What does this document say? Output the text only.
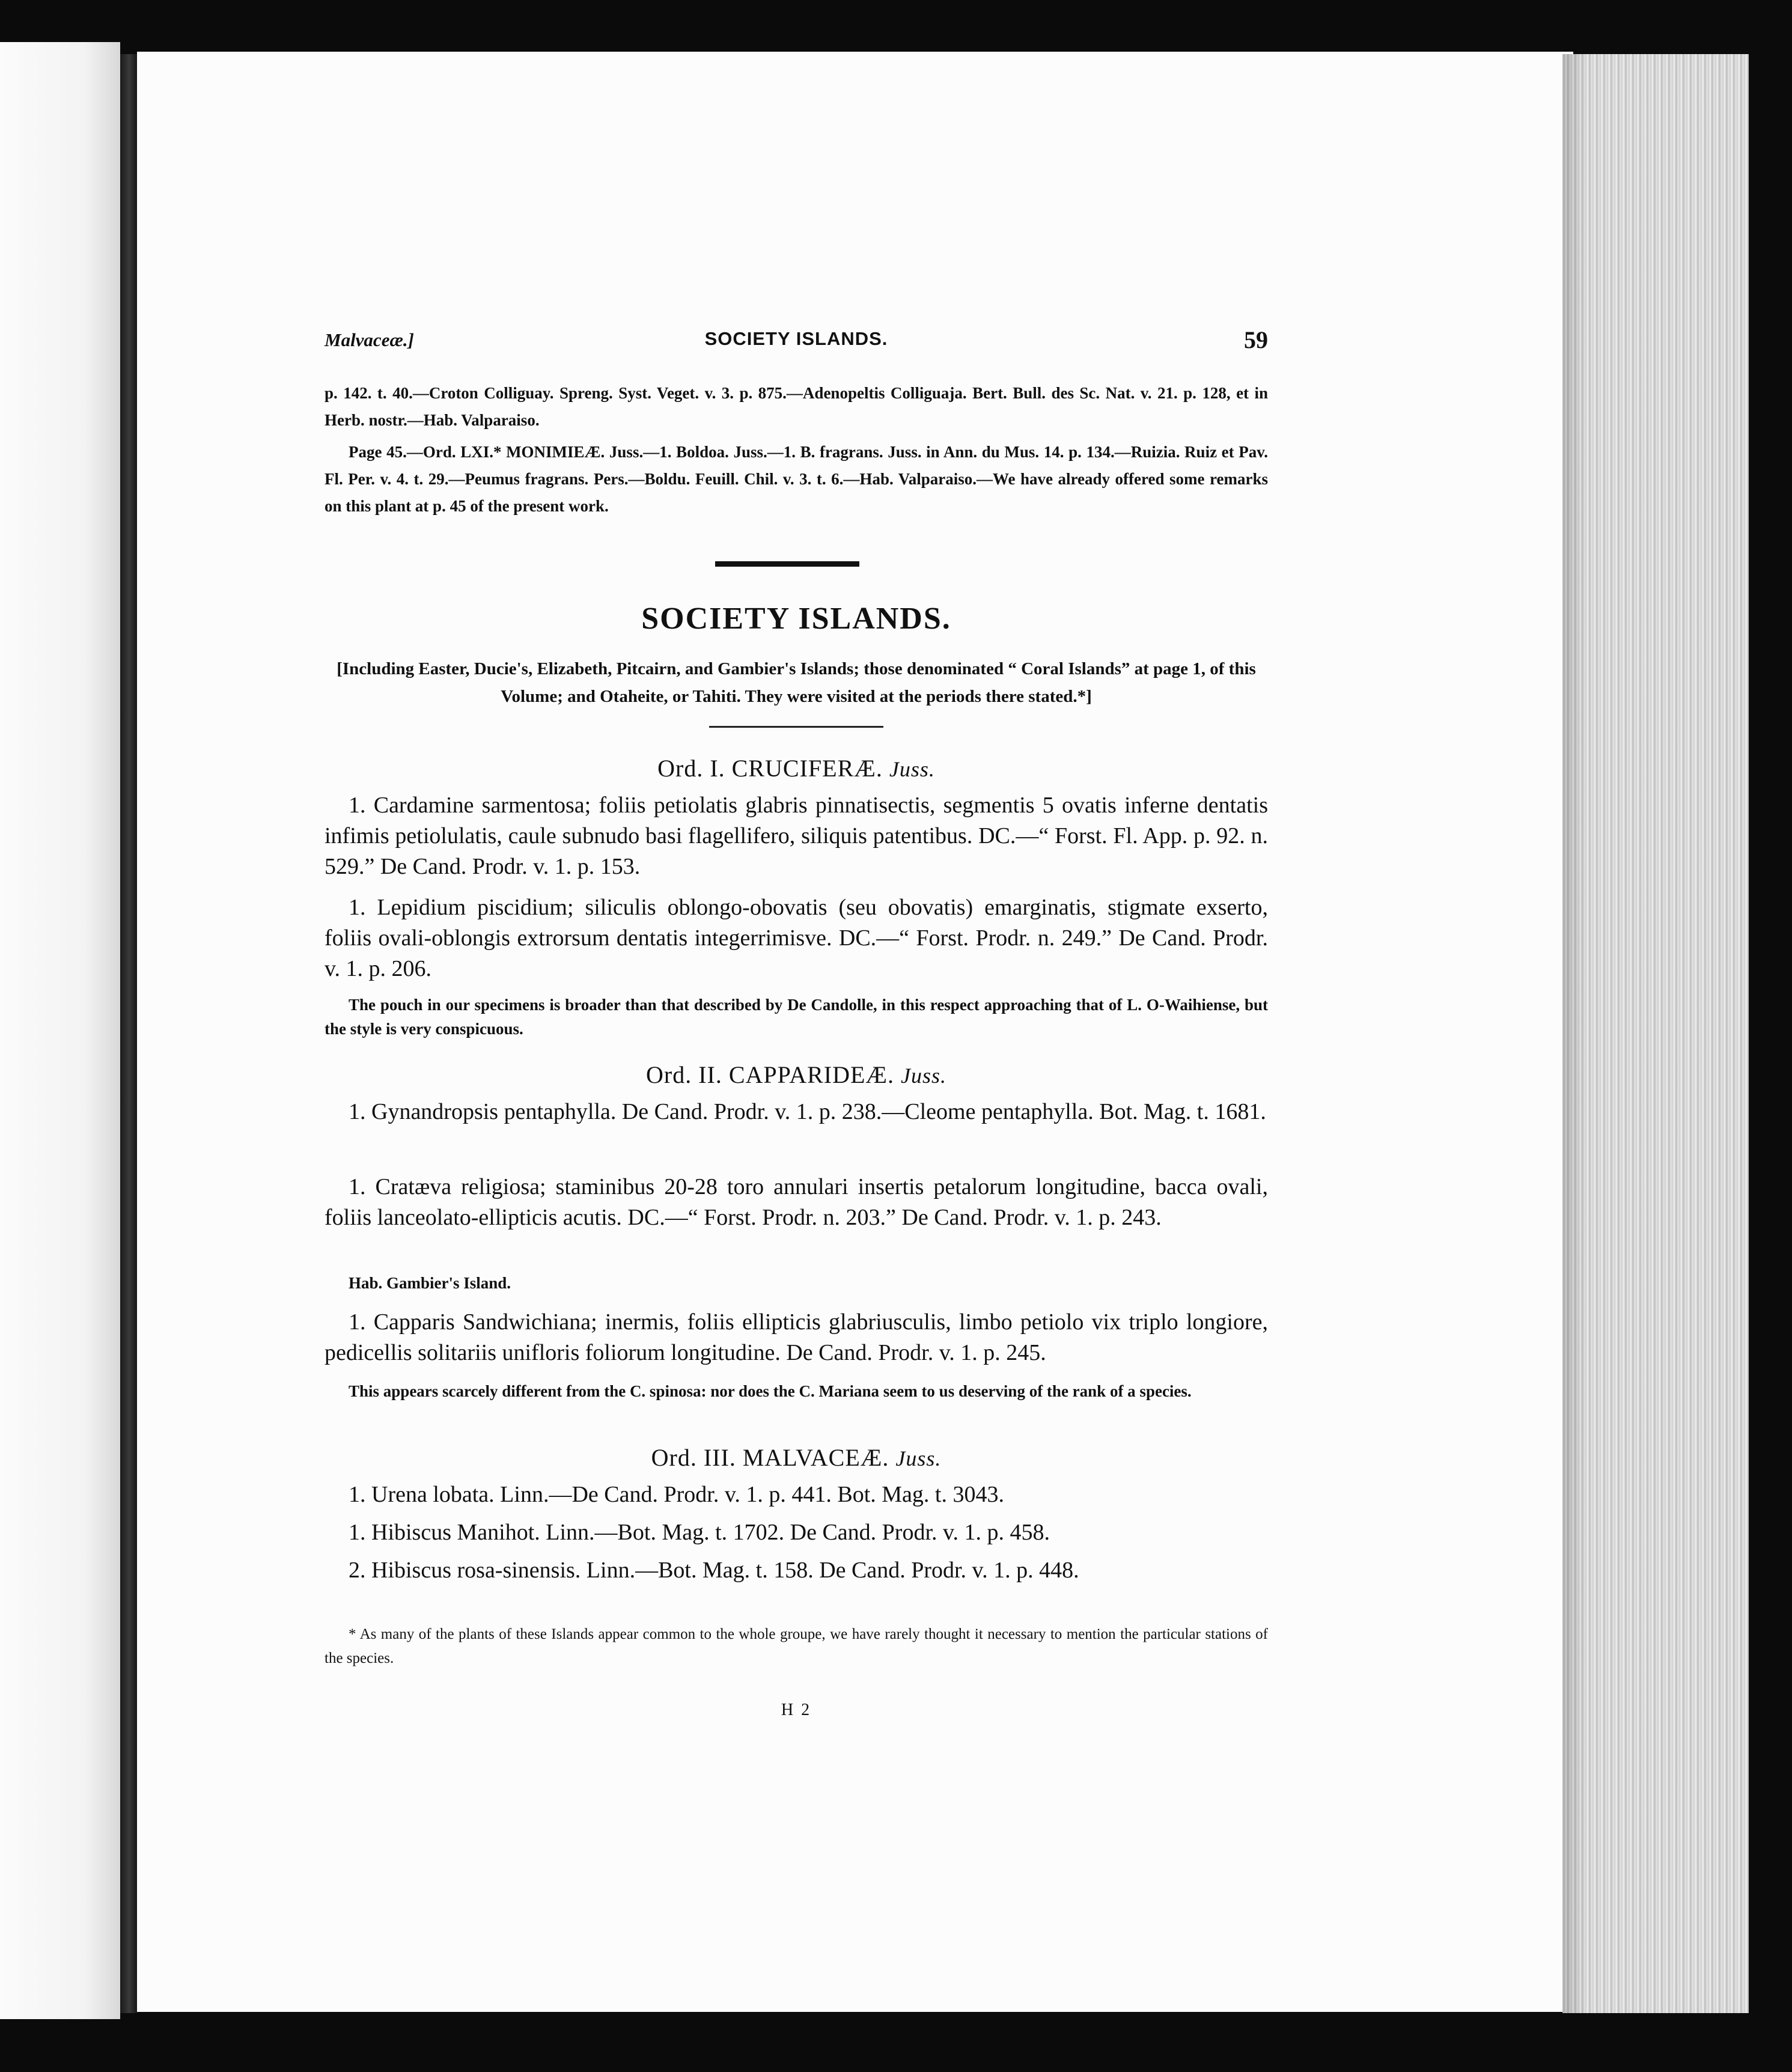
Malvaceæ.]	SOCIETY ISLANDS.	59

p. 142. t. 40.—Croton Colliguay. Spreng. Syst. Veget. v. 3. p. 875.—Adenopeltis Colliguaja. Bert. Bull. des Sc. Nat. v. 21. p. 128, et in Herb. nostr.—Hab. Valparaiso.

Page 45.—Ord. LXI.* MONIMIEÆ. Juss.—1. Boldoa. Juss.—1. B. fragrans. Juss. in Ann. du Mus. 14. p. 134.—Ruizia. Ruiz et Pav. Fl. Per. v. 4. t. 29.—Peumus fragrans. Pers.—Boldu. Feuill. Chil. v. 3. t. 6.—Hab. Valparaiso.—We have already offered some remarks on this plant at p. 45 of the present work.

SOCIETY ISLANDS.
[Including Easter, Ducie's, Elizabeth, Pitcairn, and Gambier's Islands; those denominated “ Coral Islands” at page 1, of this Volume; and Otaheite, or Tahiti. They were visited at the periods there stated.*]
Ord. I. CRUCIFERÆ. Juss.

1. Cardamine sarmentosa; foliis petiolatis glabris pinnatisectis, segmentis 5 ovatis inferne dentatis infimis petiolulatis, caule subnudo basi flagellifero, siliquis patentibus. DC.—“ Forst. Fl. App. p. 92. n. 529.” De Cand. Prodr. v. 1. p. 153.

1. Lepidium piscidium; siliculis oblongo-obovatis (seu obovatis) emarginatis, stigmate exserto, foliis ovali-oblongis extrorsum dentatis integerrimisve. DC.—“ Forst. Prodr. n. 249.” De Cand. Prodr. v. 1. p. 206.

The pouch in our specimens is broader than that described by De Candolle, in this respect approaching that of L. O-Waihiense, but the style is very conspicuous.

Ord. II. CAPPARIDEÆ. Juss.

1. Gynandropsis pentaphylla. De Cand. Prodr. v. 1. p. 238.—Cleome pentaphylla. Bot. Mag. t. 1681.

1. Cratæva religiosa; staminibus 20-28 toro annulari insertis petalorum longitudine, bacca ovali, foliis lanceolato-ellipticis acutis. DC.—“ Forst. Prodr. n. 203.” De Cand. Prodr. v. 1. p. 243.

Hab. Gambier's Island.

1. Capparis Sandwichiana; inermis, foliis ellipticis glabriusculis, limbo petiolo vix triplo longiore, pedicellis solitariis unifloris foliorum longitudine. De Cand. Prodr. v. 1. p. 245.

This appears scarcely different from the C. spinosa: nor does the C. Mariana seem to us deserving of the rank of a species.

Ord. III. MALVACEÆ. Juss.

1. Urena lobata. Linn.—De Cand. Prodr. v. 1. p. 441. Bot. Mag. t. 3043.

1. Hibiscus Manihot. Linn.—Bot. Mag. t. 1702. De Cand. Prodr. v. 1. p. 458.

2. Hibiscus rosa-sinensis. Linn.—Bot. Mag. t. 158. De Cand. Prodr. v. 1. p. 448.

* As many of the plants of these Islands appear common to the whole groupe, we have rarely thought it necessary to mention the particular stations of the species.

H 2
